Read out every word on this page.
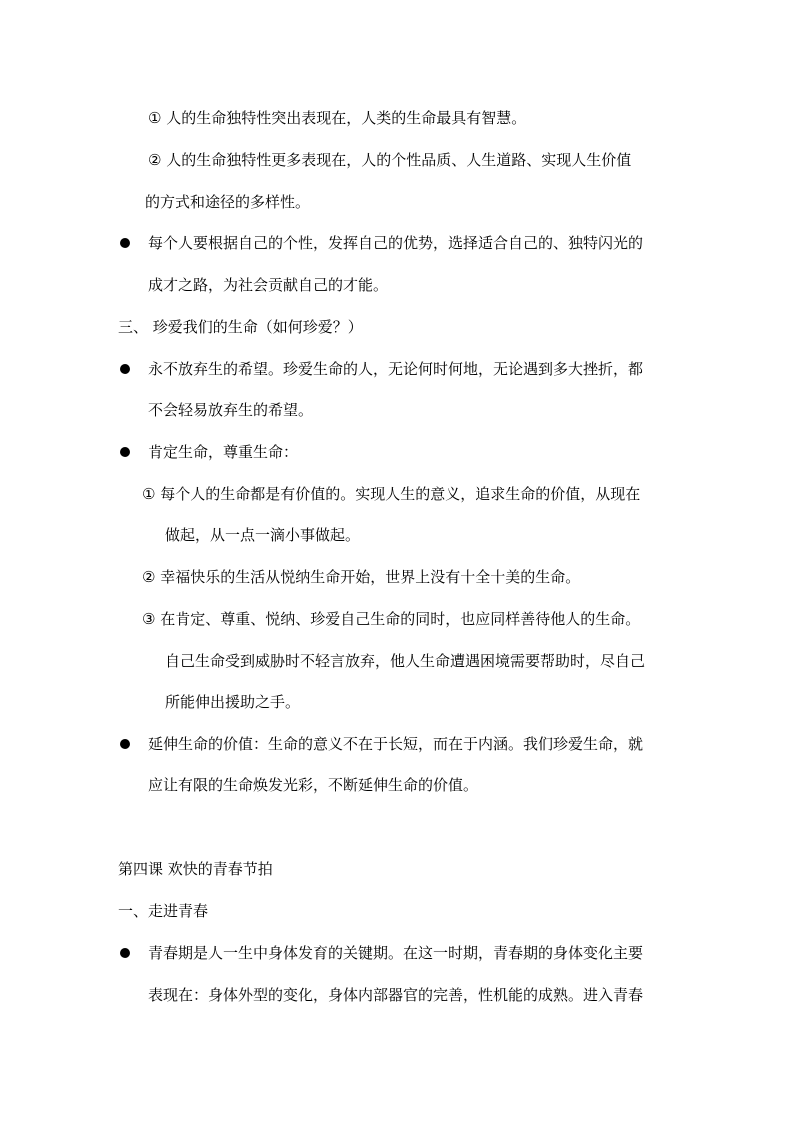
① 人的生命独特性突出表现在，人类的生命最具有智慧。
② 人的生命独特性更多表现在，人的个性品质、人生道路、实现人生价值
的方式和途径的多样性。
每个人要根据自己的个性，发挥自己的优势，选择适合自己的、独特闪光的
成才之路，为社会贡献自己的才能。
三、 珍爱我们的生命（如何珍爱？）
永不放弃生的希望。珍爱生命的人，无论何时何地，无论遇到多大挫折，都
不会轻易放弃生的希望。
肯定生命，尊重生命：
① 每个人的生命都是有价值的。实现人生的意义，追求生命的价值，从现在
做起，从一点一滴小事做起。
② 幸福快乐的生活从悦纳生命开始，世界上没有十全十美的生命。
③ 在肯定、尊重、悦纳、珍爱自己生命的同时，也应同样善待他人的生命。
自己生命受到威胁时不轻言放弃，他人生命遭遇困境需要帮助时，尽自己
所能伸出援助之手。
延伸生命的价值：生命的意义不在于长短，而在于内涵。我们珍爱生命，就
应让有限的生命焕发光彩，不断延伸生命的价值。
第四课 欢快的青春节拍
一、走进青春
青春期是人一生中身体发育的关键期。在这一时期，青春期的身体变化主要
表现在：身体外型的变化，身体内部器官的完善，性机能的成熟。进入青春
